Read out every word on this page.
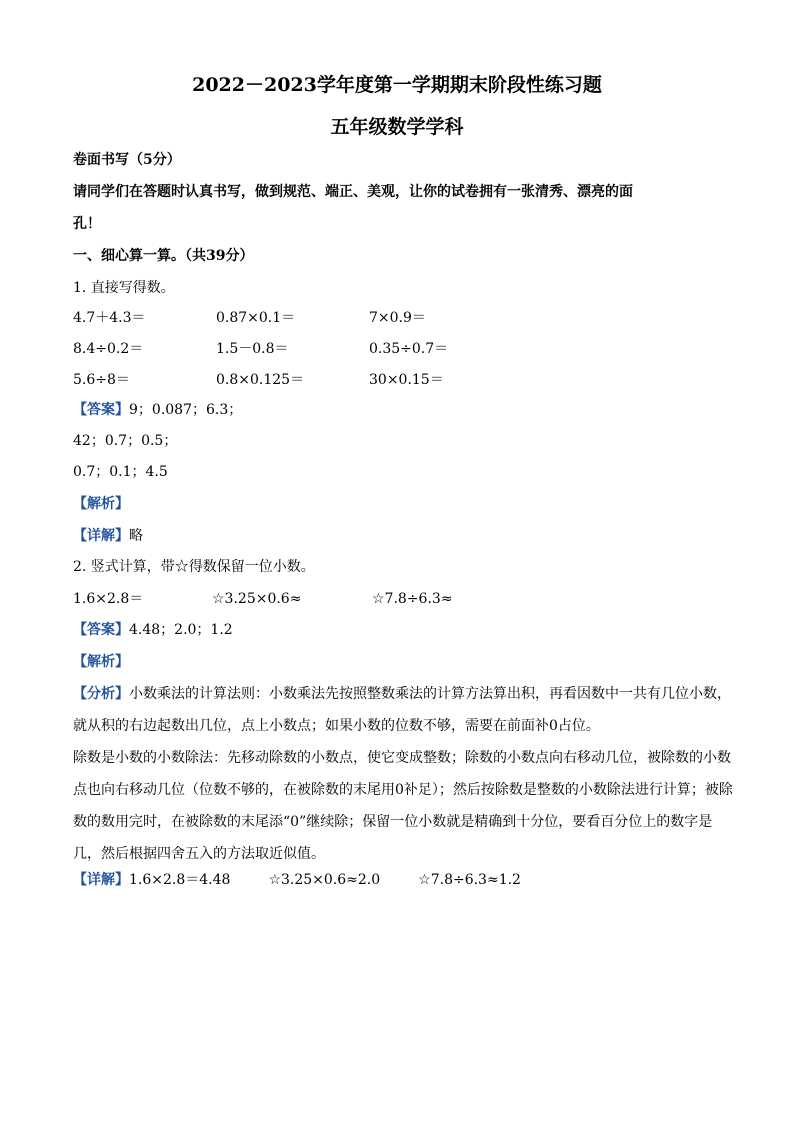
2022－2023学年度第一学期期末阶段性练习题
五年级数学学科
卷面书写（5分）
请同学们在答题时认真书写，做到规范、端正、美观，让你的试卷拥有一张清秀、漂亮的面
孔！
一、细心算一算。（共39分）
1. 直接写得数。
4.7＋4.3＝	0.87×0.1＝	7×0.9＝
8.4÷0.2＝	1.5－0.8＝	0.35÷0.7＝
5.6÷8＝	0.8×0.125＝	30×0.15＝
【答案】9；0.087；6.3；
42；0.7；0.5；
0.7；0.1；4.5
【解析】
【详解】略
2. 竖式计算，带☆得数保留一位小数。
1.6×2.8＝	☆3.25×0.6≈	☆7.8÷6.3≈
【答案】4.48；2.0；1.2
【解析】
【分析】小数乘法的计算法则：小数乘法先按照整数乘法的计算方法算出积，再看因数中一共有几位小数，就从积的右边起数出几位，点上小数点；如果小数的位数不够，需要在前面补0占位。
除数是小数的小数除法：先移动除数的小数点，使它变成整数；除数的小数点向右移动几位，被除数的小数点也向右移动几位（位数不够的，在被除数的末尾用0补足）；然后按除数是整数的小数除法进行计算；被除数的数用完时，在被除数的末尾添“0”继续除；保留一位小数就是精确到十分位，要看百分位上的数字是几，然后根据四舍五入的方法取近似值。
【详解】1.6×2.8＝4.48	☆3.25×0.6≈2.0	☆7.8÷6.3≈1.2
